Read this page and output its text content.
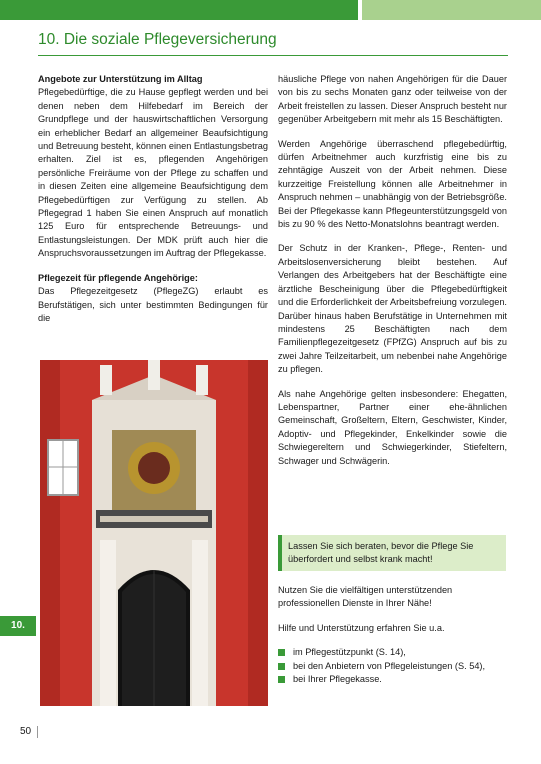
10. Die soziale Pflegeversicherung

Angebote zur Unterstützung im Alltag
Pflegebedürftige, die zu Hause gepflegt werden und bei denen neben dem Hilfebedarf im Bereich der Grundpflege und der hauswirtschaftlichen Versorgung ein erheblicher Bedarf an allgemeiner Beaufsichtigung und Betreuung besteht, können einen Entlastungsbetrag erhalten. Ziel ist es, pflegenden Angehörigen persönliche Freiräume von der Pflege zu schaffen und in diesen Zeiten eine allgemeine Beaufsichtigung dem Pflegebedürftigen zur Verfügung zu stellen. Ab Pflegegrad 1 haben Sie einen Anspruch auf monatlich 125 Euro für entsprechende Betreuungs- und Entlastungsleistungen. Der MDK prüft auch hier die Anspruchsvoraussetzungen im Auftrag der Pflegekasse.

Pflegezeit für pflegende Angehörige:
Das Pflegezeitgesetz (PflegeZG) erlaubt es Berufstätigen, sich unter bestimmten Bedingungen für die

häusliche Pflege von nahen Angehörigen für die Dauer von bis zu sechs Monaten ganz oder teilweise von der Arbeit freistellen zu lassen. Dieser Anspruch besteht nur gegenüber Arbeitgebern mit mehr als 15 Beschäftigten.

Werden Angehörige überraschend pflegebedürftig, dürfen Arbeitnehmer auch kurzfristig eine bis zu zehntägige Auszeit von der Arbeit nehmen. Diese kurzzeitige Freistellung können alle Arbeitnehmer in Anspruch nehmen – unabhängig von der Betriebsgröße. Bei der Pflegekasse kann Pflegeunterstützungsgeld von bis zu 90 % des Netto-Monatslohns beantragt werden.

Der Schutz in der Kranken-, Pflege-, Renten- und Arbeitslosenversicherung bleibt bestehen. Auf Verlangen des Arbeitgebers hat der Beschäftigte eine ärztliche Bescheinigung über die Pflegebedürftigkeit und die Erforderlichkeit der Arbeitsbefreiung vorzulegen. Darüber hinaus haben Berufstätige in Unternehmen mit mindestens 25 Beschäftigten nach dem Familienpflegezeitgesetz (FPfZG) Anspruch auf bis zu zwei Jahre Teilzeitarbeit, um nebenbei nahe Angehörige zu pflegen.

Als nahe Angehörige gelten insbesondere: Ehegatten, Lebenspartner, Partner einer ehe-ähnlichen Gemeinschaft, Großeltern, Eltern, Geschwister, Kinder, Adoptiv- und Pflegekinder, Enkelkinder sowie die Schwiegereltern und Schwiegerkinder, Stiefeltern, Schwager und Schwägerin.

Lassen Sie sich beraten, bevor die Pflege Sie überfordert und selbst krank macht!

Nutzen Sie die vielfältigen unterstützenden professionellen Dienste in Ihrer Nähe!

Hilfe und Unterstützung erfahren Sie u.a.

im Pflegestützpunkt (S. 14),
bei den Anbietern von Pflegeleistungen (S. 54),
bei Ihrer Pflegekasse.
10.
50
